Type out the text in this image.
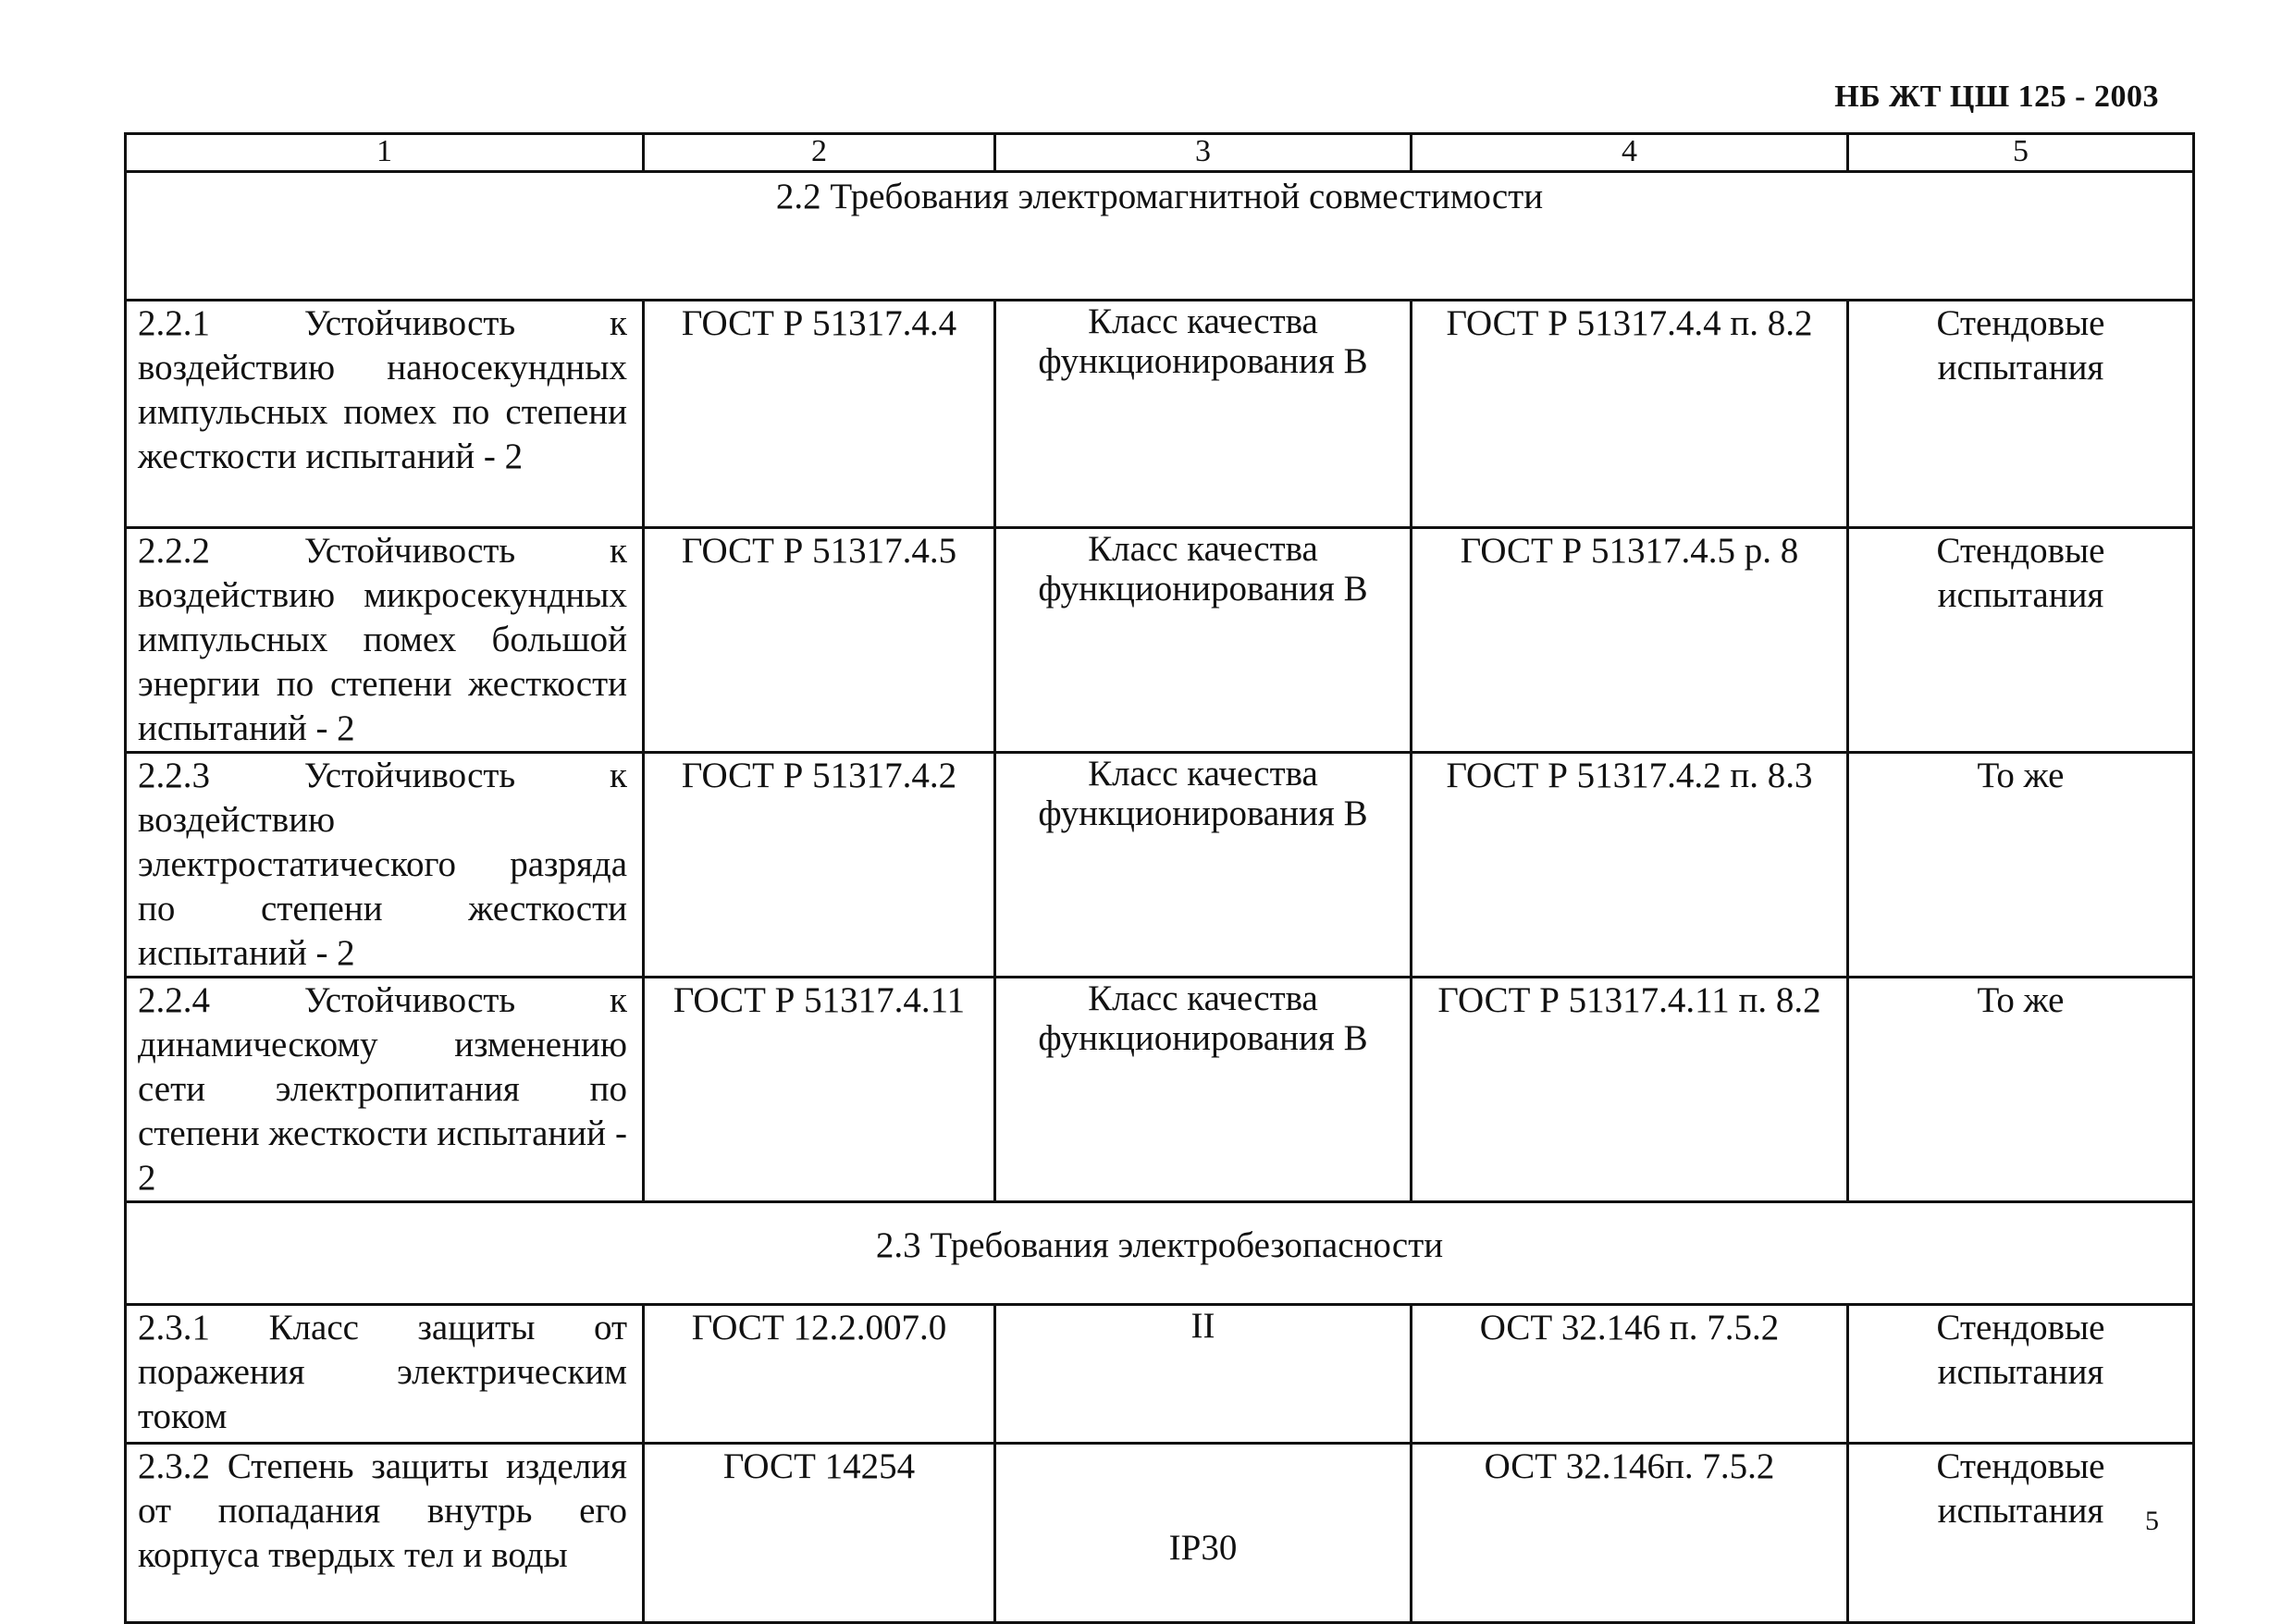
НБ ЖТ ЦШ 125 - 2003
1	2	3	4	5

2.2 Требования электромагнитной совместимости				

2.2.1 Устойчивость к воздействию наносекундных импульсных помех по степени жесткости испытаний - 2	ГОСТ Р 51317.4.4	Класс качества функционирования В	ГОСТ Р 51317.4.4 п. 8.2	Стендовые испытания
2.2.2 Устойчивость к воздействию микросекундных импульсных помех большой энергии по степени жесткости испытаний - 2	ГОСТ Р 51317.4.5	Класс качества функционирования В	ГОСТ Р 51317.4.5 р. 8	Стендовые испытания
2.2.3 Устойчивость к воздействию электростатического разряда по степени жесткости испытаний - 2	ГОСТ Р 51317.4.2	Класс качества функционирования В	ГОСТ Р 51317.4.2 п. 8.3	То же
2.2.4 Устойчивость к динамическому изменению сети электропитания по степени жесткости испытаний - 2	ГОСТ Р 51317.4.11	Класс качества функционирования В	ГОСТ Р 51317.4.11 п. 8.2	То же
2.3 Требования электробезопасности				
2.3.1 Класс защиты от поражения электрическим током	ГОСТ 12.2.007.0	II	ОСТ 32.146 п. 7.5.2	Стендовые испытания
2.3.2 Степень защиты изделия от попадания внутрь его корпуса твердых тел и воды	ГОСТ 14254	IP30	ОСТ 32.146п. 7.5.2	Стендовые испытания	5
